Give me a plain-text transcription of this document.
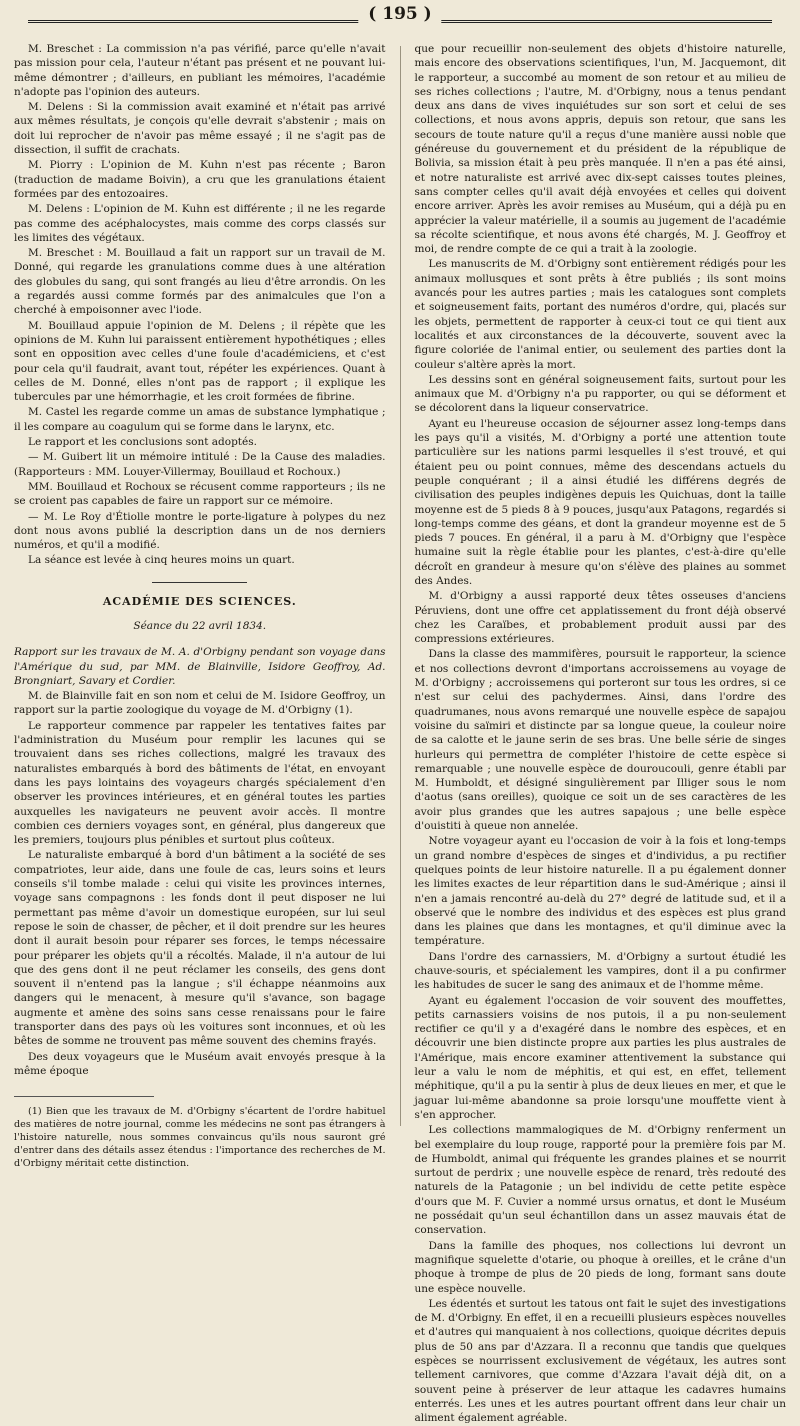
( 195 )

M. Breschet : La commission n'a pas vérifié, parce qu'elle n'avait pas mission pour cela, l'auteur n'étant pas présent et ne pouvant lui-même démontrer ; d'ailleurs, en publiant les mémoires, l'académie n'adopte pas l'opinion des auteurs.

M. Delens : Si la commission avait examiné et n'était pas arrivé aux mêmes résultats, je conçois qu'elle devrait s'abstenir ; mais on doit lui reprocher de n'avoir pas même essayé ; il ne s'agit pas de dissection, il suffit de crachats.

M. Piorry : L'opinion de M. Kuhn n'est pas récente ; Baron (traduction de madame Boivin), a cru que les granulations étaient formées par des entozoaires.

M. Delens : L'opinion de M. Kuhn est différente ; il ne les regarde pas comme des acéphalocystes, mais comme des corps classés sur les limites des végétaux.

M. Breschet : M. Bouillaud a fait un rapport sur un travail de M. Donné, qui regarde les granulations comme dues à une altération des globules du sang, qui sont frangés au lieu d'être arrondis. On les a regardés aussi comme formés par des animalcules que l'on a cherché à empoisonner avec l'iode.

M. Bouillaud appuie l'opinion de M. Delens ; il répète que les opinions de M. Kuhn lui paraissent entièrement hypothétiques ; elles sont en opposition avec celles d'une foule d'académiciens, et c'est pour cela qu'il faudrait, avant tout, répéter les expériences. Quant à celles de M. Donné, elles n'ont pas de rapport ; il explique les tubercules par une hémorrhagie, et les croit formées de fibrine.

M. Castel les regarde comme un amas de substance lymphatique ; il les compare au coagulum qui se forme dans le larynx, etc.

Le rapport et les conclusions sont adoptés.

— M. Guibert lit un mémoire intitulé : De la Cause des maladies. (Rapporteurs : MM. Louyer-Villermay, Bouillaud et Rochoux.)

MM. Bouillaud et Rochoux se récusent comme rapporteurs ; ils ne se croient pas capables de faire un rapport sur ce mémoire.

— M. Le Roy d'Étiolle montre le porte-ligature à polypes du nez dont nous avons publié la description dans un de nos derniers numéros, et qu'il a modifié.

La séance est levée à cinq heures moins un quart.

ACADÉMIE DES SCIENCES.
Séance du 22 avril 1834.

Rapport sur les travaux de M. A. d'Orbigny pendant son voyage dans l'Amérique du sud, par MM. de Blainville, Isidore Geoffroy, Ad. Brongniart, Savary et Cordier.

M. de Blainville fait en son nom et celui de M. Isidore Geoffroy, un rapport sur la partie zoologique du voyage de M. d'Orbigny (1).

Le rapporteur commence par rappeler les tentatives faites par l'administration du Muséum pour remplir les lacunes qui se trouvaient dans ses riches collections, malgré les travaux des naturalistes embarqués à bord des bâtiments de l'état, en envoyant dans les pays lointains des voyageurs chargés spécialement d'en observer les provinces intérieures, et en général toutes les parties auxquelles les navigateurs ne peuvent avoir accès. Il montre combien ces derniers voyages sont, en général, plus dangereux que les premiers, toujours plus pénibles et surtout plus coûteux.

Le naturaliste embarqué à bord d'un bâtiment a la société de ses compatriotes, leur aide, dans une foule de cas, leurs soins et leurs conseils s'il tombe malade : celui qui visite les provinces internes, voyage sans compagnons : les fonds dont il peut disposer ne lui permettant pas même d'avoir un domestique européen, sur lui seul repose le soin de chasser, de pêcher, et il doit prendre sur les heures dont il aurait besoin pour réparer ses forces, le temps nécessaire pour préparer les objets qu'il a récoltés. Malade, il n'a autour de lui que des gens dont il ne peut réclamer les conseils, des gens dont souvent il n'entend pas la langue ; s'il échappe néanmoins aux dangers qui le menacent, à mesure qu'il s'avance, son bagage augmente et amène des soins sans cesse renaissans pour le faire transporter dans des pays où les voitures sont inconnues, et où les bêtes de somme ne trouvent pas même souvent des chemins frayés.

Des deux voyageurs que le Muséum avait envoyés presque à la même époque

(1) Bien que les travaux de M. d'Orbigny s'écartent de l'ordre habituel des matières de notre journal, comme les médecins ne sont pas étrangers à l'histoire naturelle, nous sommes convaincus qu'ils nous sauront gré d'entrer dans des détails assez étendus : l'importance des recherches de M. d'Orbigny méritait cette distinction.

que pour recueillir non-seulement des objets d'histoire naturelle, mais encore des observations scientifiques, l'un, M. Jacquemont, dit le rapporteur, a succombé au moment de son retour et au milieu de ses riches collections ; l'autre, M. d'Orbigny, nous a tenus pendant deux ans dans de vives inquiétudes sur son sort et celui de ses collections, et nous avons appris, depuis son retour, que sans les secours de toute nature qu'il a reçus d'une manière aussi noble que généreuse du gouvernement et du président de la république de Bolivia, sa mission était à peu près manquée. Il n'en a pas été ainsi, et notre naturaliste est arrivé avec dix-sept caisses toutes pleines, sans compter celles qu'il avait déjà envoyées et celles qui doivent encore arriver. Après les avoir remises au Muséum, qui a déjà pu en apprécier la valeur matérielle, il a soumis au jugement de l'académie sa récolte scientifique, et nous avons été chargés, M. J. Geoffroy et moi, de rendre compte de ce qui a trait à la zoologie.

Les manuscrits de M. d'Orbigny sont entièrement rédigés pour les animaux mollusques et sont prêts à être publiés ; ils sont moins avancés pour les autres parties ; mais les catalogues sont complets et soigneusement faits, portant des numéros d'ordre, qui, placés sur les objets, permettent de rapporter à ceux-ci tout ce qui tient aux localités et aux circonstances de la découverte, souvent avec la figure coloriée de l'animal entier, ou seulement des parties dont la couleur s'altère après la mort.

Les dessins sont en général soigneusement faits, surtout pour les animaux que M. d'Orbigny n'a pu rapporter, ou qui se déforment et se décolorent dans la liqueur conservatrice.

Ayant eu l'heureuse occasion de séjourner assez long-temps dans les pays qu'il a visités, M. d'Orbigny a porté une attention toute particulière sur les nations parmi lesquelles il s'est trouvé, et qui étaient peu ou point connues, même des descendans actuels du peuple conquérant ; il a ainsi étudié les différens degrés de civilisation des peuples indigènes depuis les Quichuas, dont la taille moyenne est de 5 pieds 8 à 9 pouces, jusqu'aux Patagons, regardés si long-temps comme des géans, et dont la grandeur moyenne est de 5 pieds 7 pouces. En général, il a paru à M. d'Orbigny que l'espèce humaine suit la règle établie pour les plantes, c'est-à-dire qu'elle décroît en grandeur à mesure qu'on s'élève des plaines au sommet des Andes.

M. d'Orbigny a aussi rapporté deux têtes osseuses d'anciens Péruviens, dont une offre cet applatissement du front déjà observé chez les Caraïbes, et probablement produit aussi par des compressions extérieures.

Dans la classe des mammifères, poursuit le rapporteur, la science et nos collections devront d'importans accroissemens au voyage de M. d'Orbigny ; accroissemens qui porteront sur tous les ordres, si ce n'est sur celui des pachydermes. Ainsi, dans l'ordre des quadrumanes, nous avons remarqué une nouvelle espèce de sapajou voisine du saïmiri et distincte par sa longue queue, la couleur noire de sa calotte et le jaune serin de ses bras. Une belle série de singes hurleurs qui permettra de compléter l'histoire de cette espèce si remarquable ; une nouvelle espèce de douroucouli, genre établi par M. Humboldt, et désigné singulièrement par Illiger sous le nom d'aotus (sans oreilles), quoique ce soit un de ses caractères de les avoir plus grandes que les autres sapajous ; une belle espèce d'ouistiti à queue non annelée.

Notre voyageur ayant eu l'occasion de voir à la fois et long-temps un grand nombre d'espèces de singes et d'individus, a pu rectifier quelques points de leur histoire naturelle. Il a pu également donner les limites exactes de leur répartition dans le sud-Amérique ; ainsi il n'en a jamais rencontré au-delà du 27° degré de latitude sud, et il a observé que le nombre des individus et des espèces est plus grand dans les plaines que dans les montagnes, et qu'il diminue avec la température.

Dans l'ordre des carnassiers, M. d'Orbigny a surtout étudié les chauve-souris, et spécialement les vampires, dont il a pu confirmer les habitudes de sucer le sang des animaux et de l'homme même.

Ayant eu également l'occasion de voir souvent des mouffettes, petits carnassiers voisins de nos putois, il a pu non-seulement rectifier ce qu'il y a d'exagéré dans le nombre des espèces, et en découvrir une bien distincte propre aux parties les plus australes de l'Amérique, mais encore examiner attentivement la substance qui leur a valu le nom de méphitis, et qui est, en effet, tellement méphitique, qu'il a pu la sentir à plus de deux lieues en mer, et que le jaguar lui-même abandonne sa proie lorsqu'une mouffette vient à s'en approcher.

Les collections mammalogiques de M. d'Orbigny renferment un bel exemplaire du loup rouge, rapporté pour la première fois par M. de Humboldt, animal qui fréquente les grandes plaines et se nourrit surtout de perdrix ; une nouvelle espèce de renard, très redouté des naturels de la Patagonie ; un bel individu de cette petite espèce d'ours que M. F. Cuvier a nommé ursus ornatus, et dont le Muséum ne possédait qu'un seul échantillon dans un assez mauvais état de conservation.

Dans la famille des phoques, nos collections lui devront un magnifique squelette d'otarie, ou phoque à oreilles, et le crâne d'un phoque à trompe de plus de 20 pieds de long, formant sans doute une espèce nouvelle.

Les édentés et surtout les tatous ont fait le sujet des investigations de M. d'Orbigny. En effet, il en a recueilli plusieurs espèces nouvelles et d'autres qui manquaient à nos collections, quoique décrites depuis plus de 50 ans par d'Azzara. Il a reconnu que tandis que quelques espèces se nourrissent exclusivement de végétaux, les autres sont tellement carnivores, que comme d'Azzara l'avait déjà dit, on a souvent peine à préserver de leur attaque les cadavres humains enterrés. Les unes et les autres pourtant offrent dans leur chair un aliment également agréable.
